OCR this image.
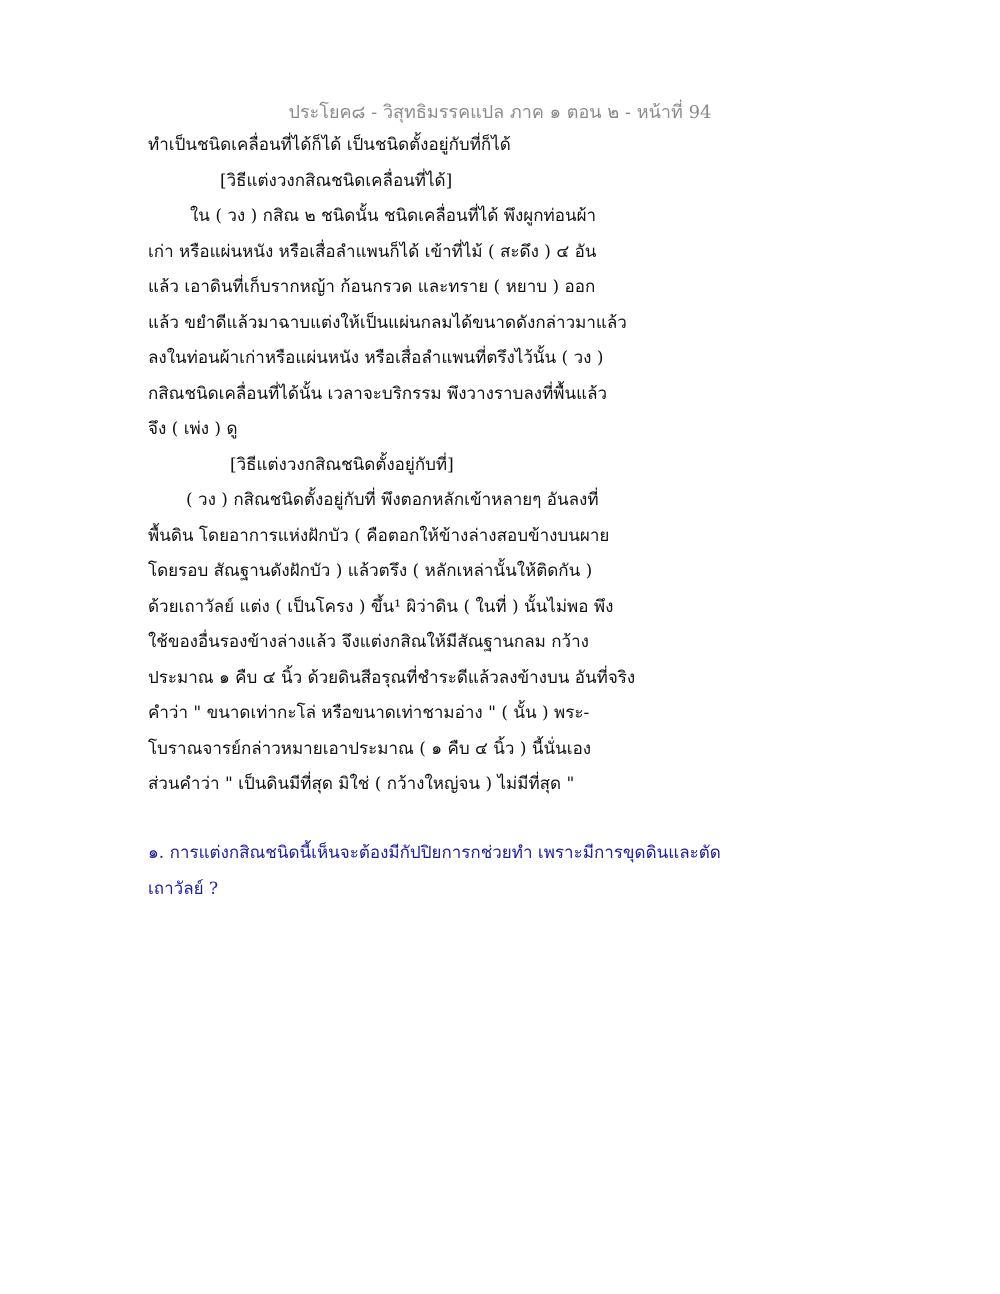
ประโยค๘ - วิสุทธิมรรคแปล ภาค ๑ ตอน ๒ - หน้าที่ 94
ทำเป็นชนิดเคลื่อนที่ได้ก็ได้ เป็นชนิดตั้งอยู่กับที่ก็ได้
[วิธีแต่งวงกสิณชนิดเคลื่อนที่ได้]
ใน ( วง ) กสิณ ๒ ชนิดนั้น ชนิดเคลื่อนที่ได้ พึงผูกท่อนผ้า
เก่า หรือแผ่นหนัง หรือเสื่อลำแพนก็ได้ เข้าที่ไม้ ( สะดึง ) ๔ อัน
แล้ว เอาดินที่เก็บรากหญ้า ก้อนกรวด และทราย ( หยาบ ) ออก
แล้ว ขยำดีแล้วมาฉาบแต่งให้เป็นแผ่นกลมได้ขนาดดังกล่าวมาแล้ว
ลงในท่อนผ้าเก่าหรือแผ่นหนัง หรือเสื่อลำแพนที่ตรึงไว้นั้น ( วง )
กสิณชนิดเคลื่อนที่ได้นั้น เวลาจะบริกรรม พึงวางราบลงที่พื้นแล้ว
จึง ( เพ่ง ) ดู
[วิธีแต่งวงกสิณชนิดตั้งอยู่กับที่]
( วง ) กสิณชนิดตั้งอยู่กับที่ พึงตอกหลักเข้าหลายๆ อันลงที่
พื้นดิน โดยอาการแห่งฝักบัว ( คือตอกให้ข้างล่างสอบข้างบนผาย
โดยรอบ สัณฐานดังฝักบัว ) แล้วตรึง ( หลักเหล่านั้นให้ติดกัน )
ด้วยเถาวัลย์ แต่ง ( เป็นโครง ) ขึ้น¹ ผิว่าดิน ( ในที่ ) นั้นไม่พอ พึง
ใช้ของอื่นรองข้างล่างแล้ว จึงแต่งกสิณให้มีสัณฐานกลม กว้าง
ประมาณ ๑ คืบ ๔ นิ้ว ด้วยดินสีอรุณที่ชำระดีแล้วลงข้างบน อันที่จริง
คำว่า " ขนาดเท่ากะโล่ หรือขนาดเท่าชามอ่าง " ( นั้น ) พระ-
โบราณจารย์กล่าวหมายเอาประมาณ ( ๑ คืบ ๔ นิ้ว ) นี้นั่นเอง
ส่วนคำว่า " เป็นดินมีที่สุด มิใช่ ( กว้างใหญ่จน ) ไม่มีที่สุด "
๑. การแต่งกสิณชนิดนี้เห็นจะต้องมีกัปปิยการกช่วยทำ เพราะมีการขุดดินและตัด
เถาวัลย์ ?
